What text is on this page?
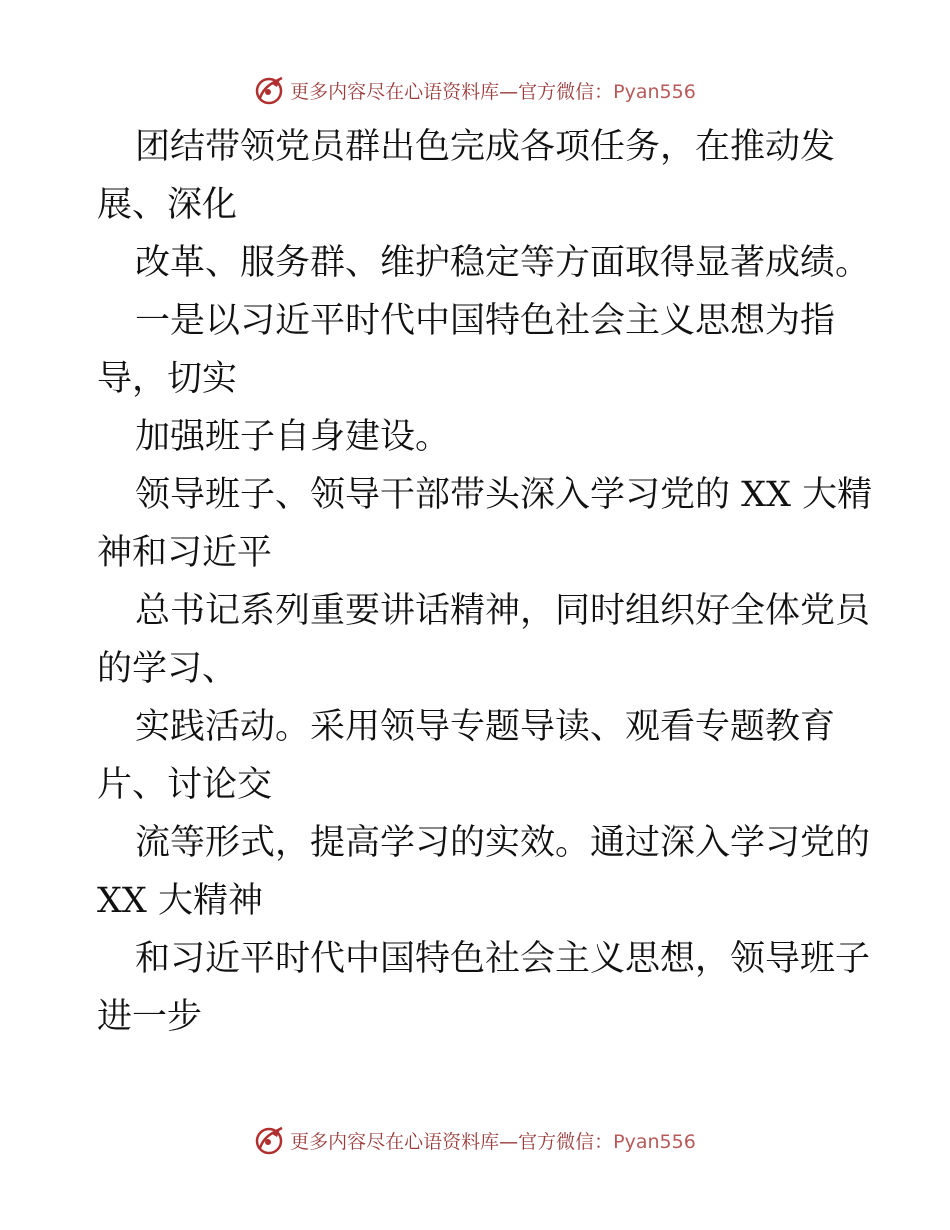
更多内容尽在心语资料库—官方微信：Pyan556
团结带领党员群出色完成各项任务，在推动发
展、深化
改革、服务群、维护稳定等方面取得显著成绩。
一是以习近平时代中国特色社会主义思想为指
导，切实
加强班子自身建设。
领导班子、领导干部带头深入学习党的 XX 大精
神和习近平
总书记系列重要讲话精神，同时组织好全体党员
的学习、
实践活动。采用领导专题导读、观看专题教育
片、讨论交
流等形式，提高学习的实效。通过深入学习党的
XX 大精神
和习近平时代中国特色社会主义思想，领导班子
进一步
更多内容尽在心语资料库—官方微信：Pyan556
